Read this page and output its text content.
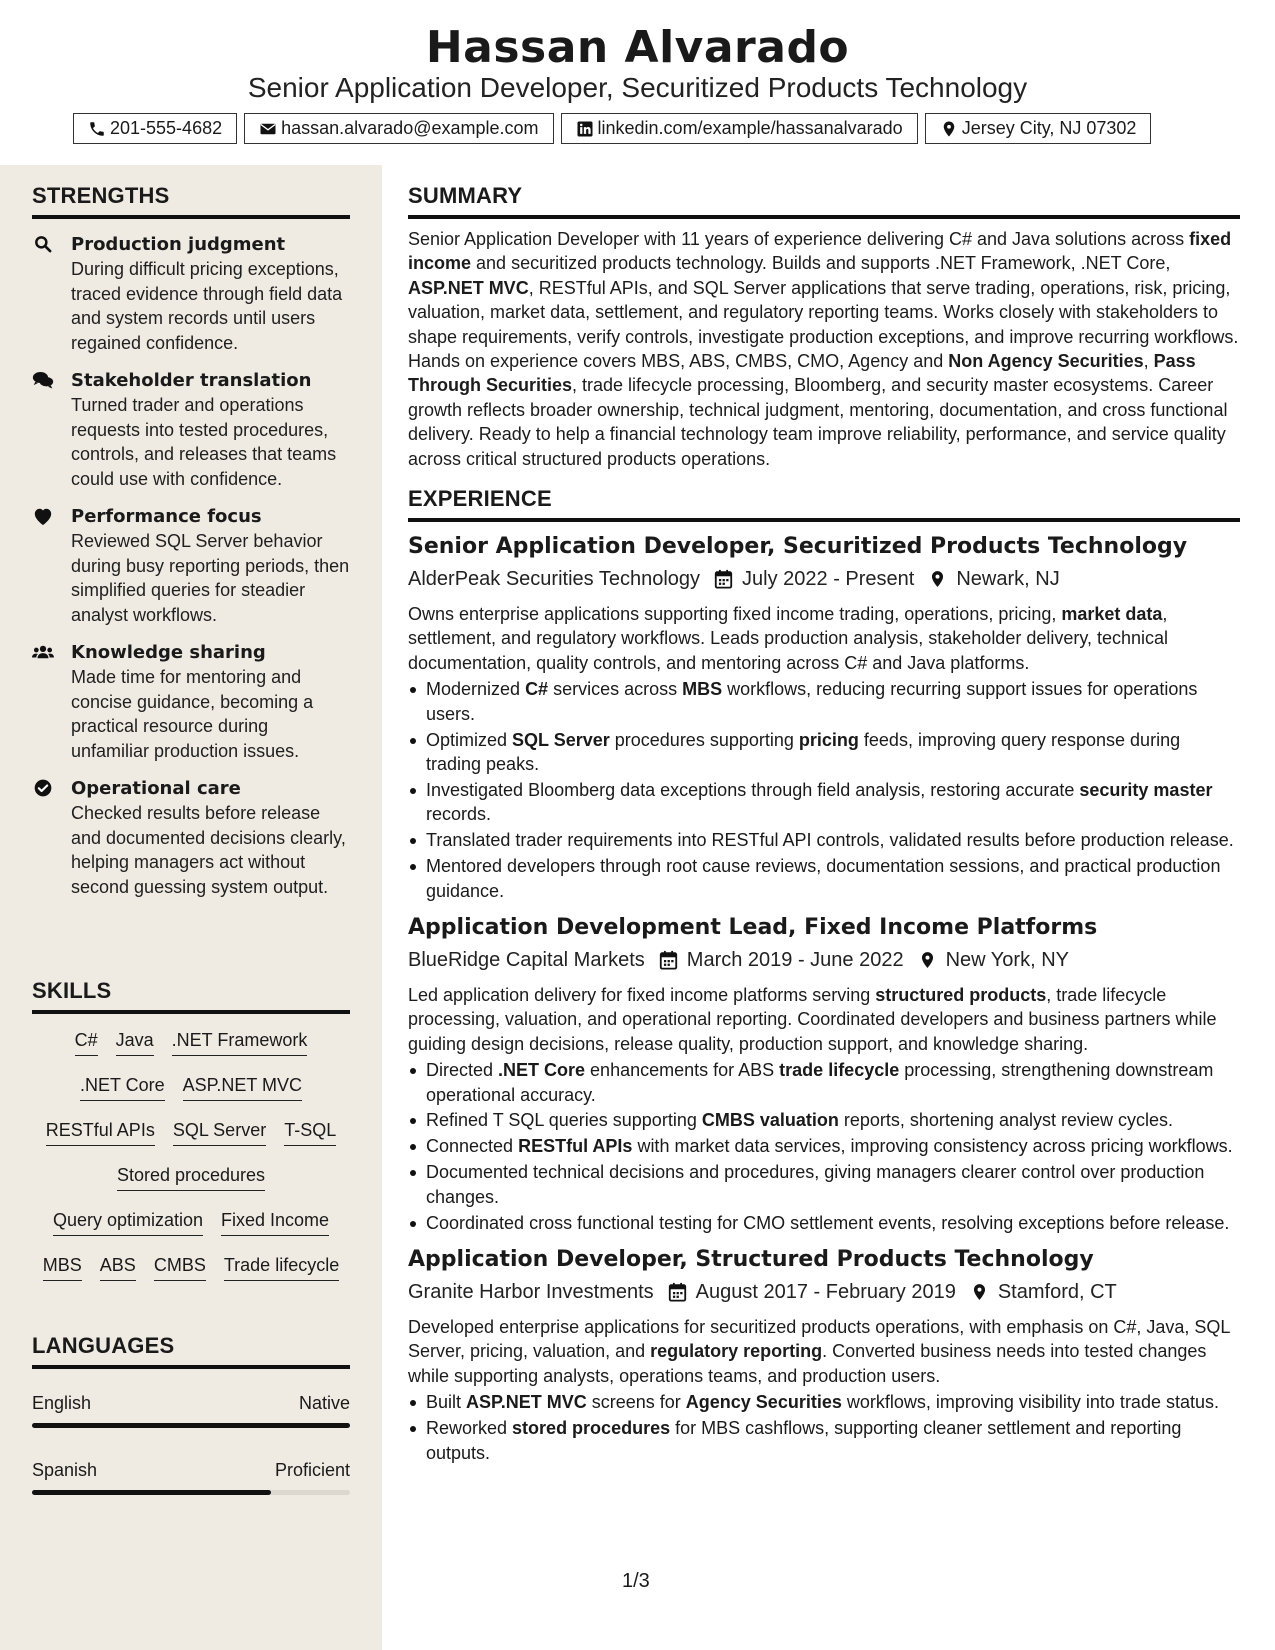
Hassan Alvarado
Senior Application Developer, Securitized Products Technology
201-555-4682	hassan.alvarado@example.com	linkedin.com/example/hassanalvarado	Jersey City, NJ 07302
STRENGTHS
Production judgment
During difficult pricing exceptions, traced evidence through field data and system records until users regained confidence.
Stakeholder translation
Turned trader and operations requests into tested procedures, controls, and releases that teams could use with confidence.
Performance focus
Reviewed SQL Server behavior during busy reporting periods, then simplified queries for steadier analyst workflows.
Knowledge sharing
Made time for mentoring and concise guidance, becoming a practical resource during unfamiliar production issues.
Operational care
Checked results before release and documented decisions clearly, helping managers act without second guessing system output.
SKILLS
C# Java .NET Framework
.NET Core ASP.NET MVC
RESTful APIs SQL Server T-SQL
Stored procedures
Query optimization Fixed Income
MBS ABS CMBS Trade lifecycle
LANGUAGES
English	Native
Spanish	Proficient
SUMMARY
Senior Application Developer with 11 years of experience delivering C# and Java solutions across fixed income and securitized products technology. Builds and supports .NET Framework, .NET Core, ASP.NET MVC, RESTful APIs, and SQL Server applications that serve trading, operations, risk, pricing, valuation, market data, settlement, and regulatory reporting teams. Works closely with stakeholders to shape requirements, verify controls, investigate production exceptions, and improve recurring workflows. Hands on experience covers MBS, ABS, CMBS, CMO, Agency and Non Agency Securities, Pass Through Securities, trade lifecycle processing, Bloomberg, and security master ecosystems. Career growth reflects broader ownership, technical judgment, mentoring, documentation, and cross functional delivery. Ready to help a financial technology team improve reliability, performance, and service quality across critical structured products operations.
EXPERIENCE
Senior Application Developer, Securitized Products Technology
AlderPeak Securities Technology July 2022 - Present Newark, NJ
Owns enterprise applications supporting fixed income trading, operations, pricing, market data, settlement, and regulatory workflows. Leads production analysis, stakeholder delivery, technical documentation, quality controls, and mentoring across C# and Java platforms.
Modernized C# services across MBS workflows, reducing recurring support issues for operations users.
Optimized SQL Server procedures supporting pricing feeds, improving query response during trading peaks.
Investigated Bloomberg data exceptions through field analysis, restoring accurate security master records.
Translated trader requirements into RESTful API controls, validated results before production release.
Mentored developers through root cause reviews, documentation sessions, and practical production guidance.
Application Development Lead, Fixed Income Platforms
BlueRidge Capital Markets March 2019 - June 2022 New York, NY
Led application delivery for fixed income platforms serving structured products, trade lifecycle processing, valuation, and operational reporting. Coordinated developers and business partners while guiding design decisions, release quality, production support, and knowledge sharing.
Directed .NET Core enhancements for ABS trade lifecycle processing, strengthening downstream operational accuracy.
Refined T SQL queries supporting CMBS valuation reports, shortening analyst review cycles.
Connected RESTful APIs with market data services, improving consistency across pricing workflows.
Documented technical decisions and procedures, giving managers clearer control over production changes.
Coordinated cross functional testing for CMO settlement events, resolving exceptions before release.
Application Developer, Structured Products Technology
Granite Harbor Investments August 2017 - February 2019 Stamford, CT
Developed enterprise applications for securitized products operations, with emphasis on C#, Java, SQL Server, pricing, valuation, and regulatory reporting. Converted business needs into tested changes while supporting analysts, operations teams, and production users.
Built ASP.NET MVC screens for Agency Securities workflows, improving visibility into trade status.
Reworked stored procedures for MBS cashflows, supporting cleaner settlement and reporting outputs.
1/3
